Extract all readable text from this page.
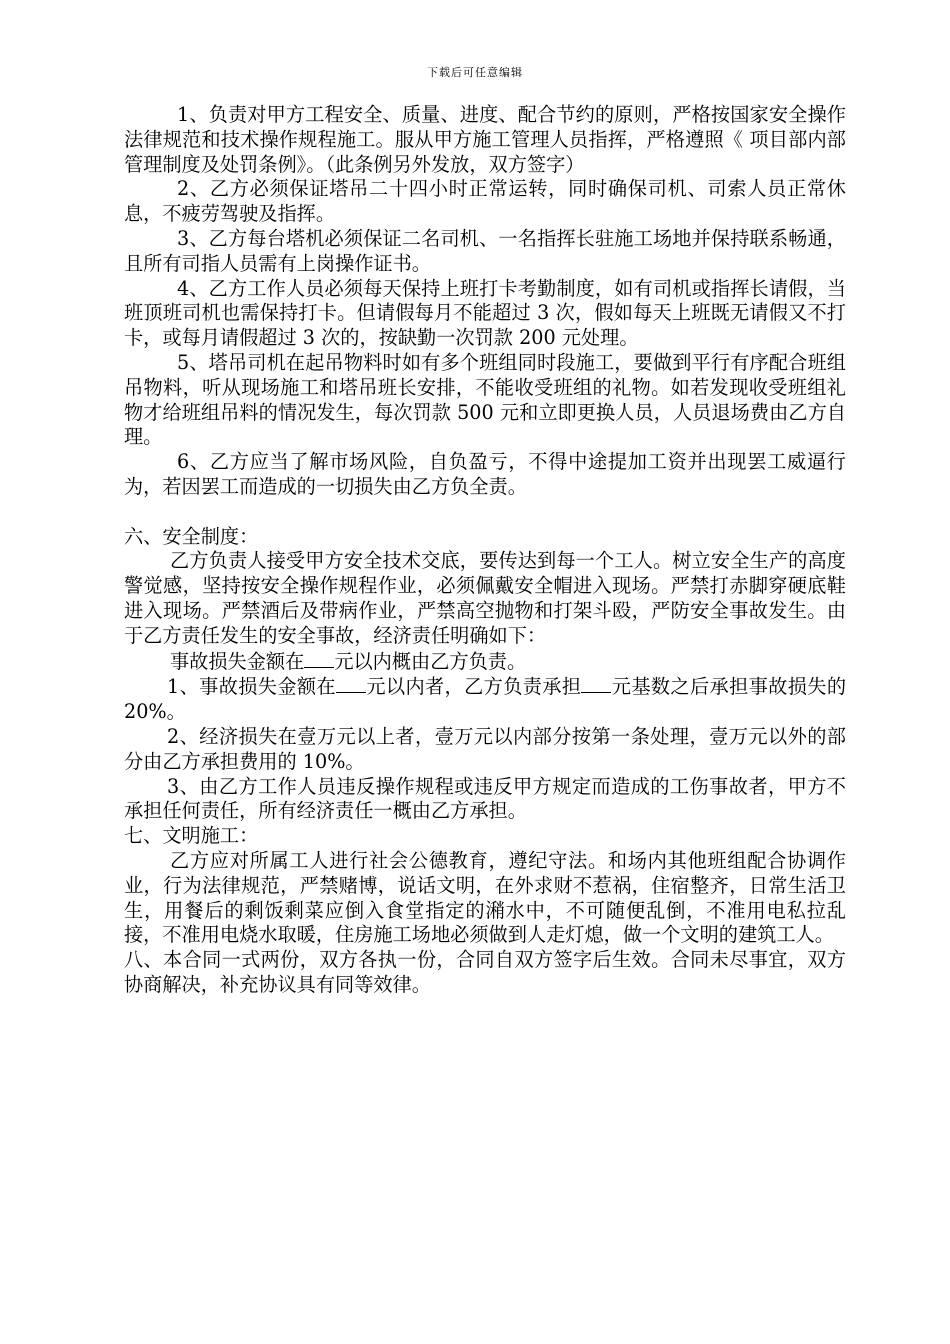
下载后可任意编辑

1、负责对甲方工程安全、质量、进度、配合节约的原则，严格按国家安全操作法律规范和技术操作规程施工。服从甲方施工管理人员指挥，严格遵照《 项目部内部管理制度及处罚条例》。（此条例另外发放，双方签字）

2、乙方必须保证塔吊二十四小时正常运转，同时确保司机、司索人员正常休息，不疲劳驾驶及指挥。

3、乙方每台塔机必须保证二名司机、一名指挥长驻施工场地并保持联系畅通，且所有司指人员需有上岗操作证书。

4、乙方工作人员必须每天保持上班打卡考勤制度，如有司机或指挥长请假，当班顶班司机也需保持打卡。但请假每月不能超过 3 次，假如每天上班既无请假又不打卡，或每月请假超过 3 次的，按缺勤一次罚款 200 元处理。

5、塔吊司机在起吊物料时如有多个班组同时段施工，要做到平行有序配合班组吊物料，听从现场施工和塔吊班长安排，不能收受班组的礼物。如若发现收受班组礼物才给班组吊料的情况发生，每次罚款 500 元和立即更换人员，人员退场费由乙方自理。

6、乙方应当了解市场风险，自负盈亏，不得中途提加工资并出现罢工威逼行为，若因罢工而造成的一切损失由乙方负全责。

六、安全制度：

乙方负责人接受甲方安全技术交底，要传达到每一个工人。树立安全生产的高度警觉感，坚持按安全操作规程作业，必须佩戴安全帽进入现场。严禁打赤脚穿硬底鞋进入现场。严禁酒后及带病作业，严禁高空抛物和打架斗殴，严防安全事故发生。由于乙方责任发生的安全事故，经济责任明确如下：

事故损失金额在 元以内概由乙方负责。

1、事故损失金额在 元以内者，乙方负责承担 元基数之后承担事故损失的 20%。

2、经济损失在壹万元以上者，壹万元以内部分按第一条处理，壹万元以外的部分由乙方承担费用的 10%。

3、由乙方工作人员违反操作规程或违反甲方规定而造成的工伤事故者，甲方不承担任何责任，所有经济责任一概由乙方承担。

七、文明施工：

乙方应对所属工人进行社会公德教育，遵纪守法。和场内其他班组配合协调作业，行为法律规范，严禁赌博，说话文明，在外求财不惹祸，住宿整齐，日常生活卫生，用餐后的剩饭剩菜应倒入食堂指定的潲水中，不可随便乱倒，不准用电私拉乱接，不准用电烧水取暖，住房施工场地必须做到人走灯熄，做一个文明的建筑工人。

八、本合同一式两份，双方各执一份，合同自双方签字后生效。合同未尽事宜，双方协商解决，补充协议具有同等效律。
